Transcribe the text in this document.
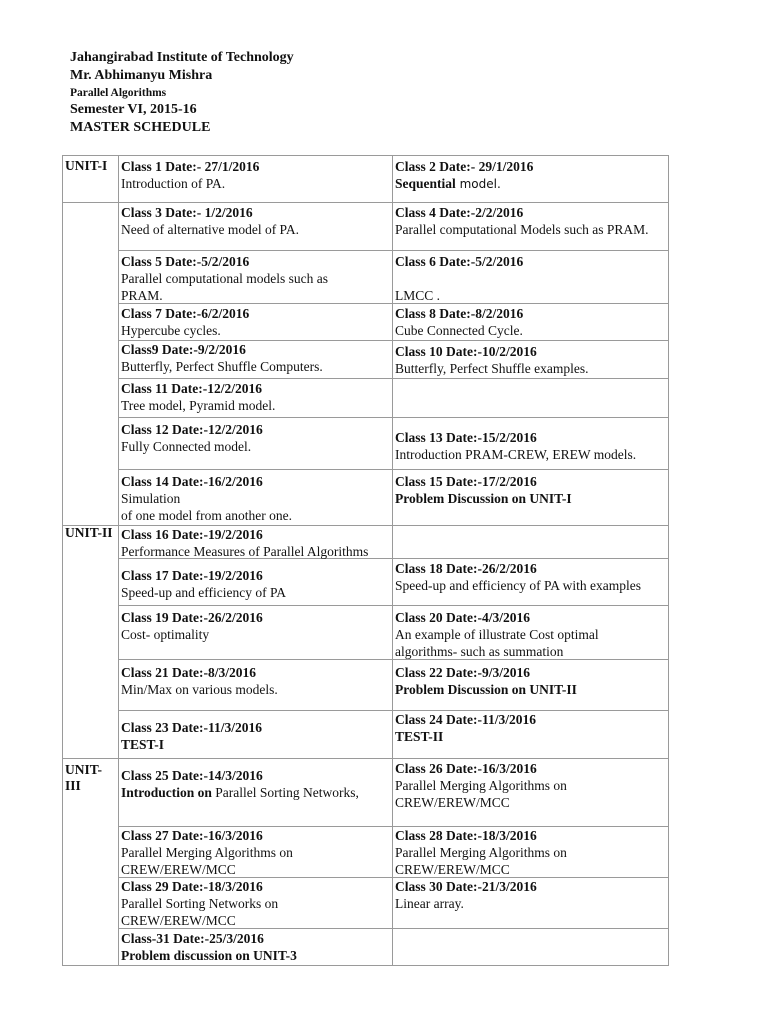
Jahangirabad Institute of Technology
Mr. Abhimanyu Mishra
Parallel Algorithms
Semester VI, 2015-16
MASTER SCHEDULE
UNIT-I
UNIT-II
UNIT-
III
Class 1 Date:- 27/1/2016
Introduction of PA.
Class 2 Date:- 29/1/2016
Sequential model.
Class 3 Date:- 1/2/2016
Need of alternative model of PA.
Class 4 Date:-2/2/2016
Parallel computational Models such as PRAM.
Class 5 Date:-5/2/2016
Parallel computational models such as
PRAM.
Class 6 Date:-5/2/2016
LMCC .
Class 7 Date:-6/2/2016
Hypercube cycles.
Class 8 Date:-8/2/2016
Cube Connected Cycle.
Class9 Date:-9/2/2016
Butterfly, Perfect Shuffle Computers.
Class 10 Date:-10/2/2016
Butterfly, Perfect Shuffle examples.
Class 11 Date:-12/2/2016
Tree model, Pyramid model.
Class 12 Date:-12/2/2016
Fully Connected model.
Class 13 Date:-15/2/2016
Introduction PRAM-CREW, EREW models.
Class 14 Date:-16/2/2016
Simulation
of one model from another one.
Class 15 Date:-17/2/2016
Problem Discussion on UNIT-I
Class 16 Date:-19/2/2016
Performance Measures of Parallel Algorithms
Class 17 Date:-19/2/2016
Speed-up and efficiency of PA
Class 18 Date:-26/2/2016
Speed-up and efficiency of PA with examples
Class 19 Date:-26/2/2016
Cost- optimality
Class 20 Date:-4/3/2016
An example of illustrate Cost optimal
algorithms- such as summation
Class 21 Date:-8/3/2016
Min/Max on various models.
Class 22 Date:-9/3/2016
Problem Discussion on UNIT-II
Class 23 Date:-11/3/2016
TEST-I
Class 24 Date:-11/3/2016
TEST-II
Class 25 Date:-14/3/2016
Introduction on Parallel Sorting Networks,
Class 26 Date:-16/3/2016
Parallel Merging Algorithms on
CREW/EREW/MCC
Class 27 Date:-16/3/2016
Parallel Merging Algorithms on
CREW/EREW/MCC
Class 28 Date:-18/3/2016
Parallel Merging Algorithms on
CREW/EREW/MCC
Class 29 Date:-18/3/2016
Parallel Sorting Networks on
CREW/EREW/MCC
Class 30 Date:-21/3/2016
Linear array.
Class-31 Date:-25/3/2016
Problem discussion on UNIT-3
